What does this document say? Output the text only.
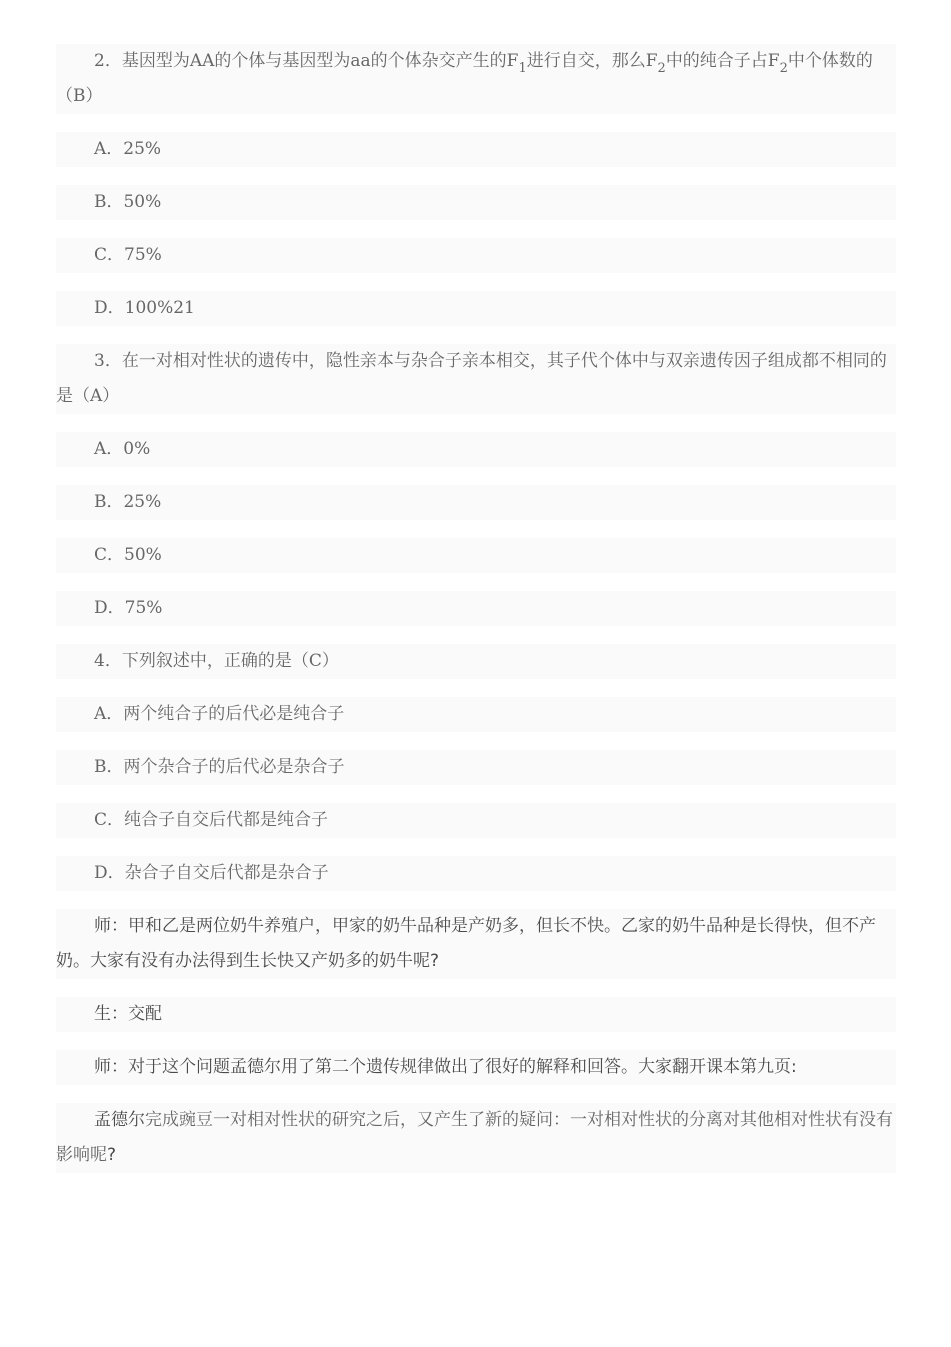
2．基因型为AA的个体与基因型为aa的个体杂交产生的$F_1$进行自交，那么$F_2$中的纯合子占$F_2$中个体数的（B）

A．25%

B．50%

C．75%

D．100%21

3．在一对相对性状的遗传中，隐性亲本与杂合子亲本相交，其子代个体中与双亲遗传因子组成都不相同的是（A）

A．0%

B．25%

C．50%

D．75%

4．下列叙述中，正确的是（C）

A．两个纯合子的后代必是纯合子

B．两个杂合子的后代必是杂合子

C．纯合子自交后代都是纯合子

D．杂合子自交后代都是杂合子

师：甲和乙是两位奶牛养殖户，甲家的奶牛品种是产奶多，但长不快。乙家的奶牛品种是长得快，但不产奶。大家有没有办法得到生长快又产奶多的奶牛呢?

生：交配

师：对于这个问题孟德尔用了第二个遗传规律做出了很好的解释和回答。大家翻开课本第九页:

孟德尔完成豌豆一对相对性状的研究之后，又产生了新的疑问：一对相对性状的分离对其他相对性状有没有影响呢?
